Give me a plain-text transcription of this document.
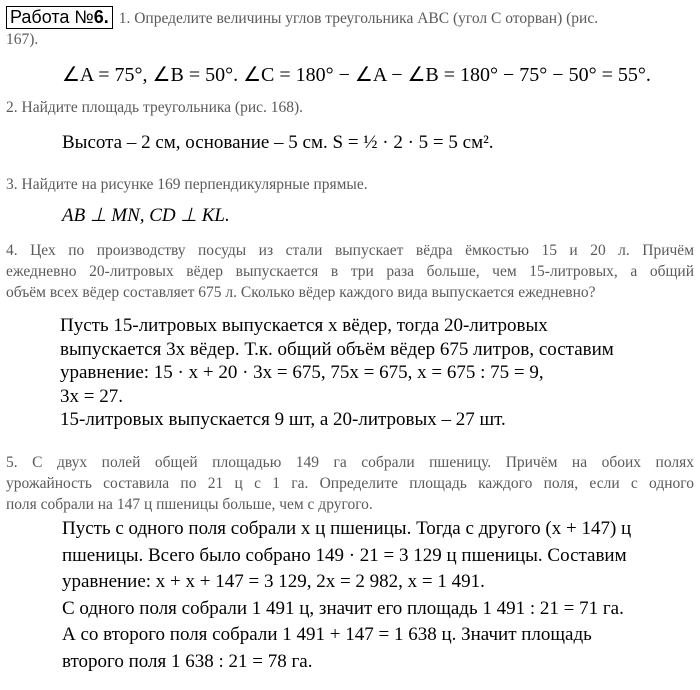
Работа №6. 1. Определите величины углов треугольника ABC (угол C оторван) (рис.
167).
∠A = 75°, ∠B = 50°. ∠C = 180° − ∠A − ∠B = 180° − 75° − 50° = 55°.
2. Найдите площадь треугольника (рис. 168).
Высота – 2 см, основание – 5 см. S = ½ · 2 · 5 = 5 см².
3. Найдите на рисунке 169 перпендикулярные прямые.
AB ⊥ MN, CD ⊥ KL.
4. Цех по производству посуды из стали выпускает вёдра ёмкостью 15 и 20 л. Причём
ежедневно 20-литровых вёдер выпускается в три раза больше, чем 15-литровых, а общий
объём всех вёдер составляет 675 л. Сколько вёдер каждого вида выпускается ежедневно?
Пусть 15-литровых выпускается x вёдер, тогда 20-литровых
выпускается 3x вёдер. Т.к. общий объём вёдер 675 литров, составим
уравнение: 15 · x + 20 · 3x = 675, 75x = 675, x = 675 : 75 = 9,
3x = 27.
15-литровых выпускается 9 шт, а 20-литровых – 27 шт.
5. С двух полей общей площадью 149 га собрали пшеницу. Причём на обоих полях
урожайность составила по 21 ц с 1 га. Определите площадь каждого поля, если с одного
поля собрали на 147 ц пшеницы больше, чем с другого.
Пусть с одного поля собрали x ц пшеницы. Тогда с другого (x + 147) ц
пшеницы. Всего было собрано 149 · 21 = 3 129 ц пшеницы. Составим
уравнение: x + x + 147 = 3 129, 2x = 2 982, x = 1 491.
С одного поля собрали 1 491 ц, значит его площадь 1 491 : 21 = 71 га.
А со второго поля собрали 1 491 + 147 = 1 638 ц. Значит площадь
второго поля 1 638 : 21 = 78 га.
